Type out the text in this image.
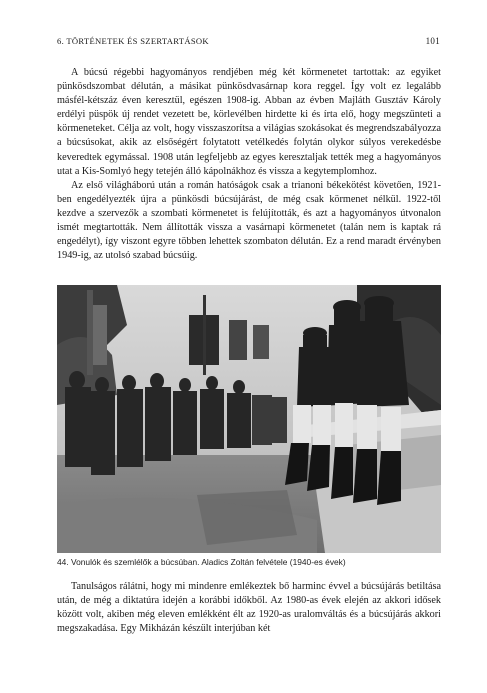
6. TÖRTÉNETEK ÉS SZERTARTÁSOK	101

A búcsú régebbi hagyományos rendjében még két körmenetet tartottak: az egyiket pünkösdszombat délután, a másikat pünkösdvasárnap kora reggel. Így volt ez legalább másfél-kétszáz éven keresztül, egészen 1908-ig. Abban az évben Majláth Gusztáv Károly erdélyi püspök új rendet vezetett be, körlevélben hirdette ki és írta elő, hogy megszünteti a körmeneteket. Célja az volt, hogy visszaszorítsa a világias szokásokat és megrendszabályozza a búcsúsokat, akik az elsőségért folytatott vetélkedés folytán olykor súlyos verekedésbe keveredtek egymással. 1908 után legfeljebb az egyes keresztaljak tették meg a hagyományos utat a Kis-Somlyó hegy tetején álló kápolnákhoz és vissza a kegytemplomhoz.

Az első világháború után a román hatóságok csak a trianoni békekötést követően, 1921-ben engedélyezték újra a pünkösdi búcsújárást, de még csak körmenet nélkül. 1922-től kezdve a szervezők a szombati körmenetet is felújították, és azt a hagyományos útvonalon ismét megtartották. Nem állították vissza a vasárnapi körmenetet (talán nem is kaptak rá engedélyt), így viszont egyre többen lehettek szombaton délután. Ez a rend maradt érvényben 1949-ig, az utolsó szabad búcsúig.

44. Vonulók és szemlélők a búcsúban. Aladics Zoltán felvétele (1940-es évek)

Tanulságos rálátni, hogy mi mindenre emlékeztek bő harminc évvel a búcsújárás betiltása után, de még a diktatúra idején a korábbi időkből. Az 1980-as évek elején az akkori idősek között volt, akiben még eleven emlékként élt az 1920-as uralomváltás és a búcsújárás akkori megszakadása. Egy Mikházán készült interjúban két
